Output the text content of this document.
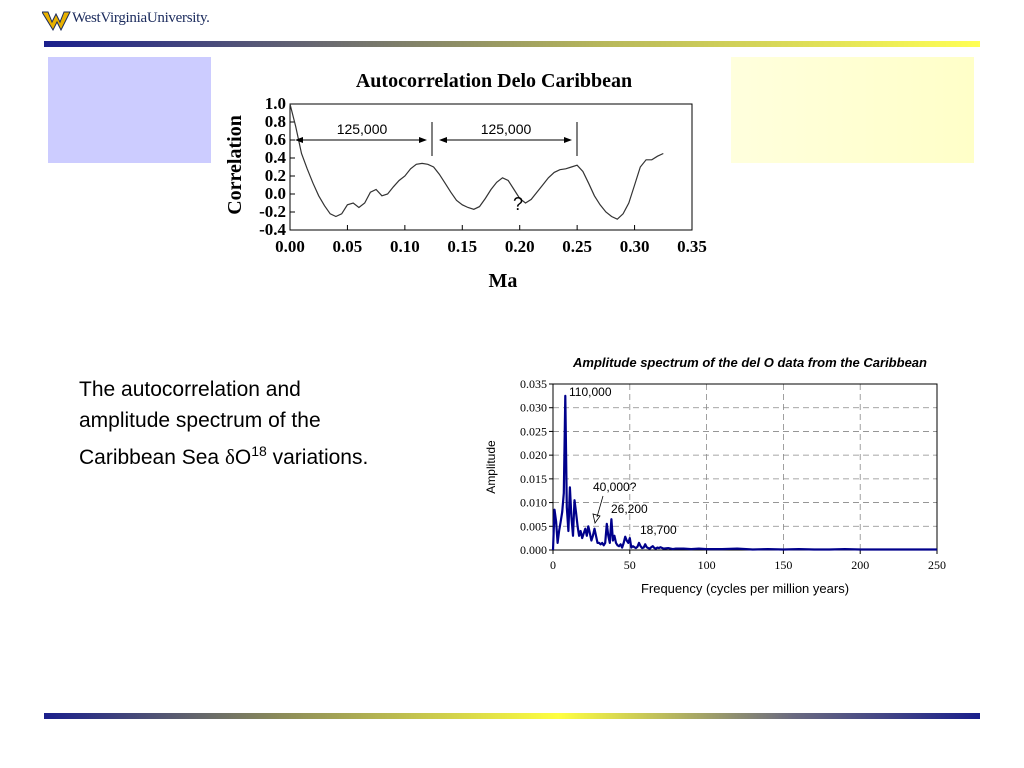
WestVirginiaUniversity.
Autocorrelation Delo Caribbean
Correlation
Ma
1.0
0.8
0.6
0.4
0.2
0.0
-0.2
-0.4
0.00 0.05 0.10 0.15 0.20 0.25 0.30 0.35
125,000	125,000
?
The autocorrelation and
amplitude spectrum of the
Caribbean Sea $\delta O^{18}$ variations.
Amplitude spectrum of the del O data from the Caribbean
Amplitude
Frequency (cycles per million years)
0.000
0.005
0.010
0.015
0.020
0.025
0.030
0.035
0	50	100	150	200	250
110,000
40,000?
26,200
18,700
